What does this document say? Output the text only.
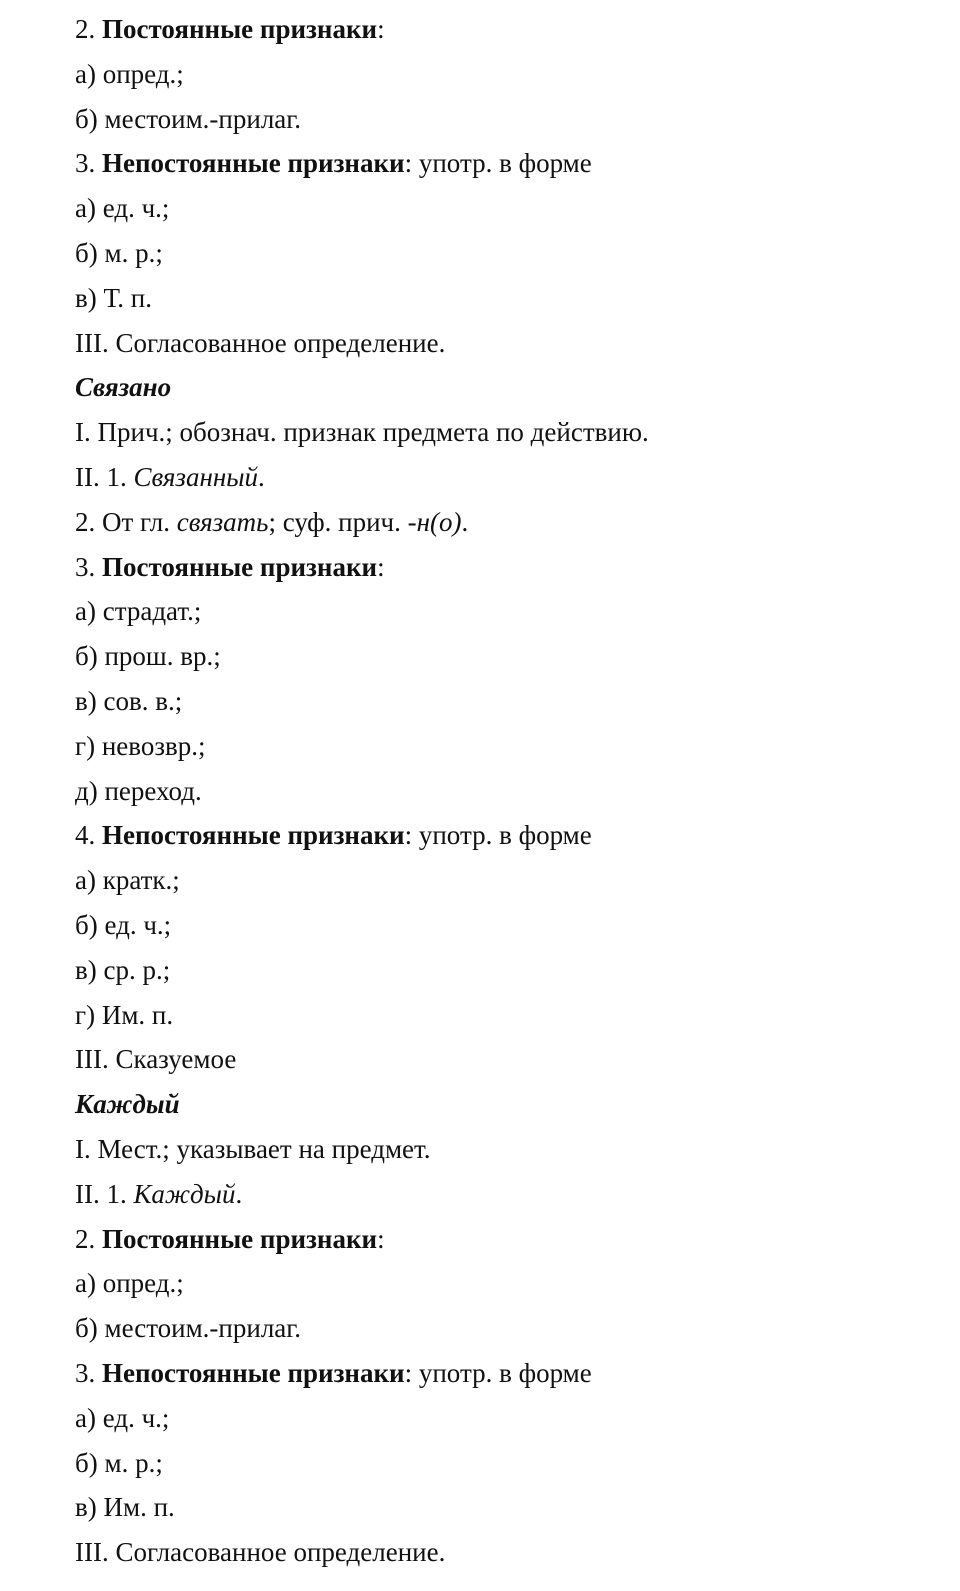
2. Постоянные признаки:
а) опред.;
б) местоим.-прилаг.
3. Непостоянные признаки: употр. в форме
а) ед. ч.;
б) м. р.;
в) Т. п.
III. Согласованное определение.
Связано
I. Прич.; обознач. признак предмета по действию.
II. 1. Связанный.
2. От гл. связать; суф. прич. -н(о).
3. Постоянные признаки:
а) страдат.;
б) прош. вр.;
в) сов. в.;
г) невозвр.;
д) переход.
4. Непостоянные признаки: употр. в форме
а) кратк.;
б) ед. ч.;
в) ср. р.;
г) Им. п.
III. Сказуемое
Каждый
I. Мест.; указывает на предмет.
II. 1. Каждый.
2. Постоянные признаки:
а) опред.;
б) местоим.-прилаг.
3. Непостоянные признаки: употр. в форме
а) ед. ч.;
б) м. р.;
в) Им. п.
III. Согласованное определение.
